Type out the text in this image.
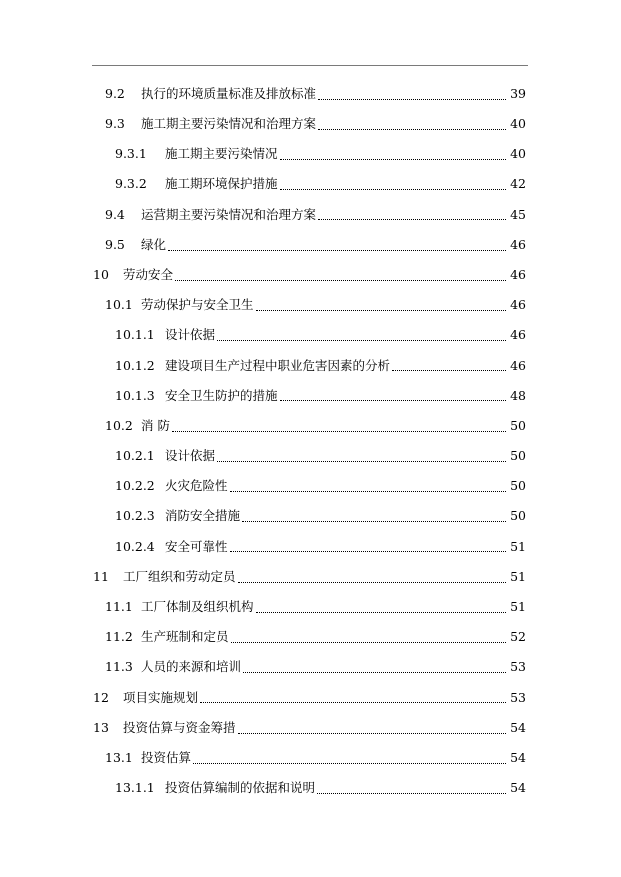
9.2	执行的环境质量标准及排放标准	39
9.3	施工期主要污染情况和治理方案	40
9.3.1	施工期主要污染情况	40
9.3.2	施工期环境保护措施	42
9.4	运营期主要污染情况和治理方案	45
9.5	绿化	46
10	劳动安全	46
10.1 劳动保护与安全卫生	46
10.1.1 设计依据	46
10.1.2 建设项目生产过程中职业危害因素的分析	46
10.1.3 安全卫生防护的措施	48
10.2 消 防	50
10.2.1 设计依据	50
10.2.2 火灾危险性	50
10.2.3 消防安全措施	50
10.2.4 安全可靠性	51
11	工厂组织和劳动定员	51
11.1 工厂体制及组织机构	51
11.2 生产班制和定员	52
11.3 人员的来源和培训	53
12	项目实施规划	53
13	投资估算与资金筹措	54
13.1 投资估算	54
13.1.1 投资估算编制的依据和说明	54
